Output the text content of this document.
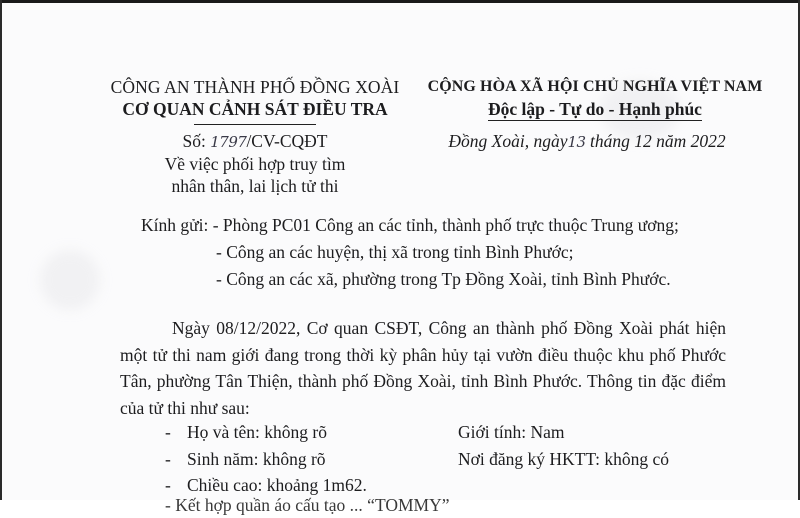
CÔNG AN THÀNH PHỐ ĐỒNG XOÀI
CƠ QUAN CẢNH SÁT ĐIỀU TRA
Số: 1797/CV-CQĐT
Về việc phối hợp truy tìm
nhân thân, lai lịch tử thi
CỘNG HÒA XÃ HỘI CHỦ NGHĨA VIỆT NAM
Độc lập - Tự do - Hạnh phúc
Đồng Xoài, ngày13 tháng 12 năm 2022
Kính gửi: - Phòng PC01 Công an các tỉnh, thành phố trực thuộc Trung ương;
- Công an các huyện, thị xã trong tỉnh Bình Phước;
- Công an các xã, phường trong Tp Đồng Xoài, tỉnh Bình Phước.
Ngày 08/12/2022, Cơ quan CSĐT, Công an thành phố Đồng Xoài phát hiện một tử thi nam giới đang trong thời kỳ phân hủy tại vườn điều thuộc khu phố Phước Tân, phường Tân Thiện, thành phố Đồng Xoài, tỉnh Bình Phước. Thông tin đặc điểm của tử thi như sau:
- Họ và tên: không rõ	Giới tính: Nam
- Sinh năm: không rõ	Nơi đăng ký HKTT: không có
- Chiều cao: khoảng 1m62.
- Kết hợp quần áo cấu tạo ... “TOMMY”
